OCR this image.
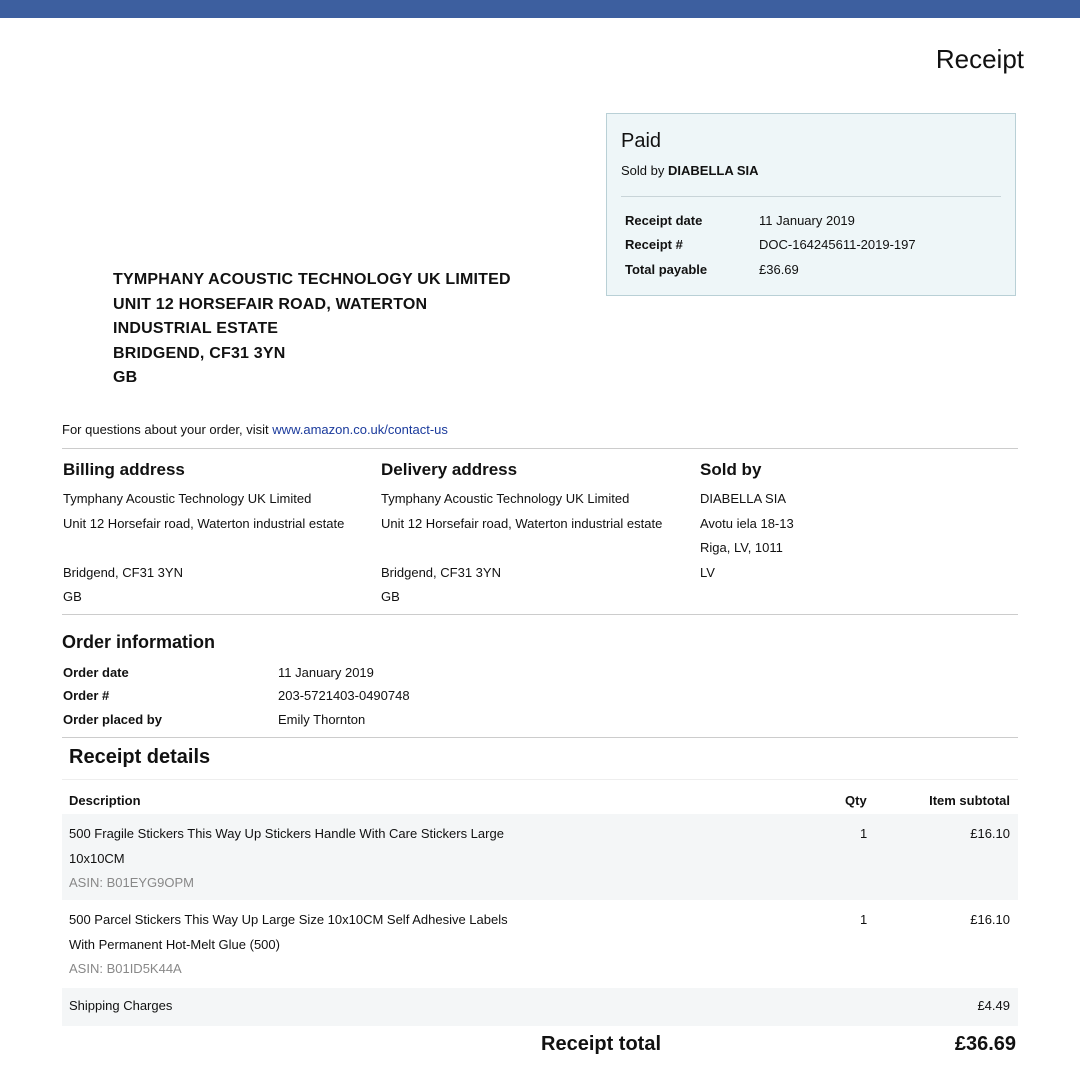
Receipt
Paid
Sold by DIABELLA SIA
Receipt date	11 January 2019
Receipt #	DOC-164245611-2019-197
Total payable	£36.69
TYMPHANY ACOUSTIC TECHNOLOGY UK LIMITED
UNIT 12 HORSEFAIR ROAD, WATERTON
INDUSTRIAL ESTATE
BRIDGEND, CF31 3YN
GB
For questions about your order, visit www.amazon.co.uk/contact-us
Billing address
Tymphany Acoustic Technology UK Limited
Unit 12 Horsefair road, Waterton industrial estate
Bridgend, CF31 3YN
GB
Delivery address
Tymphany Acoustic Technology UK Limited
Unit 12 Horsefair road, Waterton industrial estate
Bridgend, CF31 3YN
GB
Sold by
DIABELLA SIA
Avotu iela 18-13
Riga, LV, 1011
LV
Order information
Order date	11 January 2019
Order #	203-5721403-0490748
Order placed by	Emily Thornton
Receipt details
Description	Qty	Item subtotal
500 Fragile Stickers This Way Up Stickers Handle With Care Stickers Large
10x10CM
ASIN: B01EYG9OPM
1	£16.10
500 Parcel Stickers This Way Up Large Size 10x10CM Self Adhesive Labels
With Permanent Hot-Melt Glue (500)
ASIN: B01ID5K44A
1	£16.10
Shipping Charges	£4.49
Receipt total	£36.69
